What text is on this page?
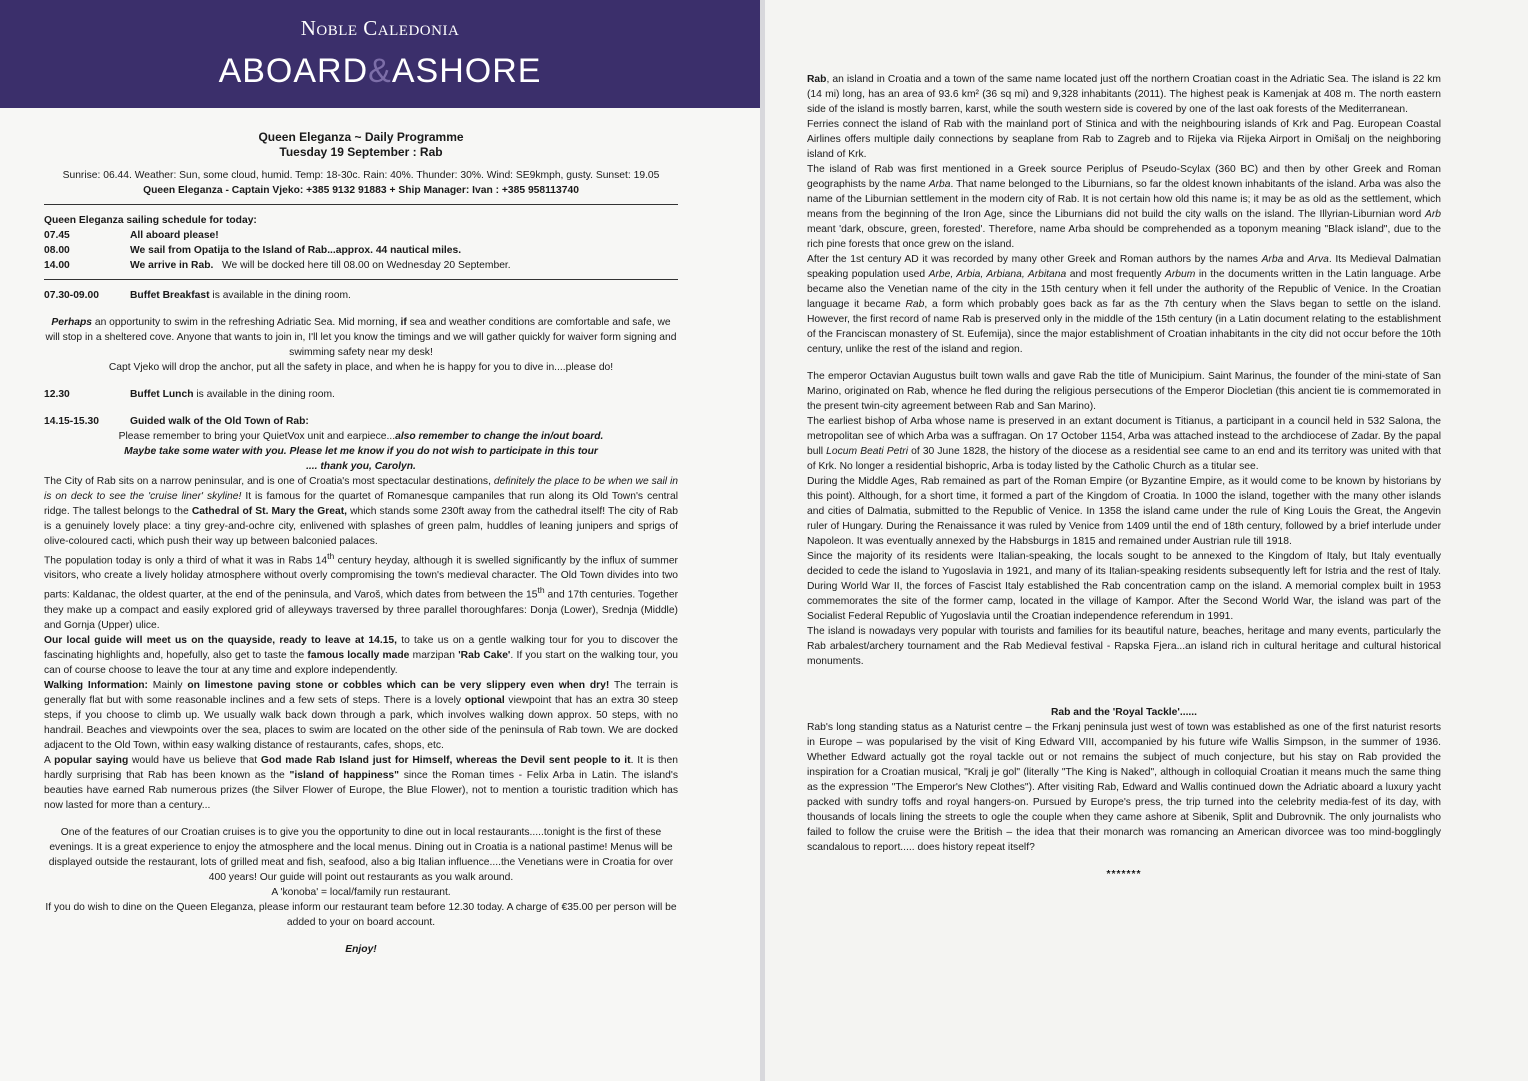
Noble Caledonia
ABOARD&ASHORE
Queen Eleganza ~ Daily Programme
Tuesday 19 September : Rab

Sunrise: 06.44. Weather: Sun, some cloud, humid. Temp: 18-30c. Rain: 40%. Thunder: 30%. Wind: SE9kmph, gusty. Sunset: 19.05

Queen Eleganza - Captain Vjeko: +385 9132 91883 + Ship Manager: Ivan : +385 958113740

Queen Eleganza sailing schedule for today:

07.45	All aboard please!
08.00	We sail from Opatija to the Island of Rab...approx. 44 nautical miles.
14.00	We arrive in Rab. We will be docked here till 08.00 on Wednesday 20 September.
07.30-09.00	Buffet Breakfast is available in the dining room.

Perhaps an opportunity to swim in the refreshing Adriatic Sea. Mid morning, if sea and weather conditions are comfortable and safe, we will stop in a sheltered cove. Anyone that wants to join in, I'll let you know the timings and we will gather quickly for waiver form signing and swimming safety near my desk!

Capt Vjeko will drop the anchor, put all the safety in place, and when he is happy for you to dive in....please do!

12.30	Buffet Lunch is available in the dining room.
14.15-15.30	Guided walk of the Old Town of Rab:

Please remember to bring your QuietVox unit and earpiece...also remember to change the in/out board.

Maybe take some water with you. Please let me know if you do not wish to participate in this tour

.... thank you, Carolyn.

The City of Rab sits on a narrow peninsular, and is one of Croatia's most spectacular destinations, definitely the place to be when we sail in is on deck to see the 'cruise liner' skyline! It is famous for the quartet of Romanesque campaniles that run along its Old Town's central ridge. The tallest belongs to the Cathedral of St. Mary the Great, which stands some 230ft away from the cathedral itself! The city of Rab is a genuinely lovely place: a tiny grey-and-ochre city, enlivened with splashes of green palm, huddles of leaning junipers and sprigs of olive-coloured cacti, which push their way up between balconied palaces.

The population today is only a third of what it was in Rabs 14th century heyday, although it is swelled significantly by the influx of summer visitors, who create a lively holiday atmosphere without overly compromising the town's medieval character. The Old Town divides into two parts: Kaldanac, the oldest quarter, at the end of the peninsula, and Varoš, which dates from between the 15th and 17th centuries. Together they make up a compact and easily explored grid of alleyways traversed by three parallel thoroughfares: Donja (Lower), Srednja (Middle) and Gornja (Upper) ulice.

Our local guide will meet us on the quayside, ready to leave at 14.15, to take us on a gentle walking tour for you to discover the fascinating highlights and, hopefully, also get to taste the famous locally made marzipan 'Rab Cake'. If you start on the walking tour, you can of course choose to leave the tour at any time and explore independently.

Walking Information: Mainly on limestone paving stone or cobbles which can be very slippery even when dry! The terrain is generally flat but with some reasonable inclines and a few sets of steps. There is a lovely optional viewpoint that has an extra 30 steep steps, if you choose to climb up. We usually walk back down through a park, which involves walking down approx. 50 steps, with no handrail. Beaches and viewpoints over the sea, places to swim are located on the other side of the peninsula of Rab town. We are docked adjacent to the Old Town, within easy walking distance of restaurants, cafes, shops, etc.

A popular saying would have us believe that God made Rab Island just for Himself, whereas the Devil sent people to it. It is then hardly surprising that Rab has been known as the "island of happiness" since the Roman times - Felix Arba in Latin. The island's beauties have earned Rab numerous prizes (the Silver Flower of Europe, the Blue Flower), not to mention a touristic tradition which has now lasted for more than a century...

One of the features of our Croatian cruises is to give you the opportunity to dine out in local restaurants.....tonight is the first of these evenings. It is a great experience to enjoy the atmosphere and the local menus. Dining out in Croatia is a national pastime! Menus will be displayed outside the restaurant, lots of grilled meat and fish, seafood, also a big Italian influence....the Venetians were in Croatia for over 400 years! Our guide will point out restaurants as you walk around.

A 'konoba' = local/family run restaurant.

If you do wish to dine on the Queen Eleganza, please inform our restaurant team before 12.30 today. A charge of €35.00 per person will be added to your on board account.

Enjoy!

Rab, an island in Croatia and a town of the same name located just off the northern Croatian coast in the Adriatic Sea. The island is 22 km (14 mi) long, has an area of 93.6 km² (36 sq mi) and 9,328 inhabitants (2011). The highest peak is Kamenjak at 408 m. The north eastern side of the island is mostly barren, karst, while the south western side is covered by one of the last oak forests of the Mediterranean.

Ferries connect the island of Rab with the mainland port of Stinica and with the neighbouring islands of Krk and Pag. European Coastal Airlines offers multiple daily connections by seaplane from Rab to Zagreb and to Rijeka via Rijeka Airport in Omišalj on the neighboring island of Krk.

The island of Rab was first mentioned in a Greek source Periplus of Pseudo-Scylax (360 BC) and then by other Greek and Roman geographists by the name Arba. That name belonged to the Liburnians, so far the oldest known inhabitants of the island. Arba was also the name of the Liburnian settlement in the modern city of Rab. It is not certain how old this name is; it may be as old as the settlement, which means from the beginning of the Iron Age, since the Liburnians did not build the city walls on the island. The Illyrian-Liburnian word Arb meant 'dark, obscure, green, forested'. Therefore, name Arba should be comprehended as a toponym meaning "Black island", due to the rich pine forests that once grew on the island.

After the 1st century AD it was recorded by many other Greek and Roman authors by the names Arba and Arva. Its Medieval Dalmatian speaking population used Arbe, Arbia, Arbiana, Arbitana and most frequently Arbum in the documents written in the Latin language. Arbe became also the Venetian name of the city in the 15th century when it fell under the authority of the Republic of Venice. In the Croatian language it became Rab, a form which probably goes back as far as the 7th century when the Slavs began to settle on the island. However, the first record of name Rab is preserved only in the middle of the 15th century (in a Latin document relating to the establishment of the Franciscan monastery of St. Eufemija), since the major establishment of Croatian inhabitants in the city did not occur before the 10th century, unlike the rest of the island and region.

The emperor Octavian Augustus built town walls and gave Rab the title of Municipium. Saint Marinus, the founder of the mini-state of San Marino, originated on Rab, whence he fled during the religious persecutions of the Emperor Diocletian (this ancient tie is commemorated in the present twin-city agreement between Rab and San Marino).

The earliest bishop of Arba whose name is preserved in an extant document is Titianus, a participant in a council held in 532 Salona, the metropolitan see of which Arba was a suffragan. On 17 October 1154, Arba was attached instead to the archdiocese of Zadar. By the papal bull Locum Beati Petri of 30 June 1828, the history of the diocese as a residential see came to an end and its territory was united with that of Krk. No longer a residential bishopric, Arba is today listed by the Catholic Church as a titular see.

During the Middle Ages, Rab remained as part of the Roman Empire (or Byzantine Empire, as it would come to be known by historians by this point). Although, for a short time, it formed a part of the Kingdom of Croatia. In 1000 the island, together with the many other islands and cities of Dalmatia, submitted to the Republic of Venice. In 1358 the island came under the rule of King Louis the Great, the Angevin ruler of Hungary. During the Renaissance it was ruled by Venice from 1409 until the end of 18th century, followed by a brief interlude under Napoleon. It was eventually annexed by the Habsburgs in 1815 and remained under Austrian rule till 1918.

Since the majority of its residents were Italian-speaking, the locals sought to be annexed to the Kingdom of Italy, but Italy eventually decided to cede the island to Yugoslavia in 1921, and many of its Italian-speaking residents subsequently left for Istria and the rest of Italy. During World War II, the forces of Fascist Italy established the Rab concentration camp on the island. A memorial complex built in 1953 commemorates the site of the former camp, located in the village of Kampor. After the Second World War, the island was part of the Socialist Federal Republic of Yugoslavia until the Croatian independence referendum in 1991.

The island is nowadays very popular with tourists and families for its beautiful nature, beaches, heritage and many events, particularly the Rab arbalest/archery tournament and the Rab Medieval festival - Rapska Fjera...an island rich in cultural heritage and cultural historical monuments.

Rab and the 'Royal Tackle'......

Rab's long standing status as a Naturist centre – the Frkanj peninsula just west of town was established as one of the first naturist resorts in Europe – was popularised by the visit of King Edward VIII, accompanied by his future wife Wallis Simpson, in the summer of 1936. Whether Edward actually got the royal tackle out or not remains the subject of much conjecture, but his stay on Rab provided the inspiration for a Croatian musical, "Kralj je gol" (literally "The King is Naked", although in colloquial Croatian it means much the same thing as the expression "The Emperor's New Clothes"). After visiting Rab, Edward and Wallis continued down the Adriatic aboard a luxury yacht packed with sundry toffs and royal hangers-on. Pursued by Europe's press, the trip turned into the celebrity media-fest of its day, with thousands of locals lining the streets to ogle the couple when they came ashore at Sibenik, Split and Dubrovnik. The only journalists who failed to follow the cruise were the British – the idea that their monarch was romancing an American divorcee was too mind-bogglingly scandalous to report..... does history repeat itself?

*******
